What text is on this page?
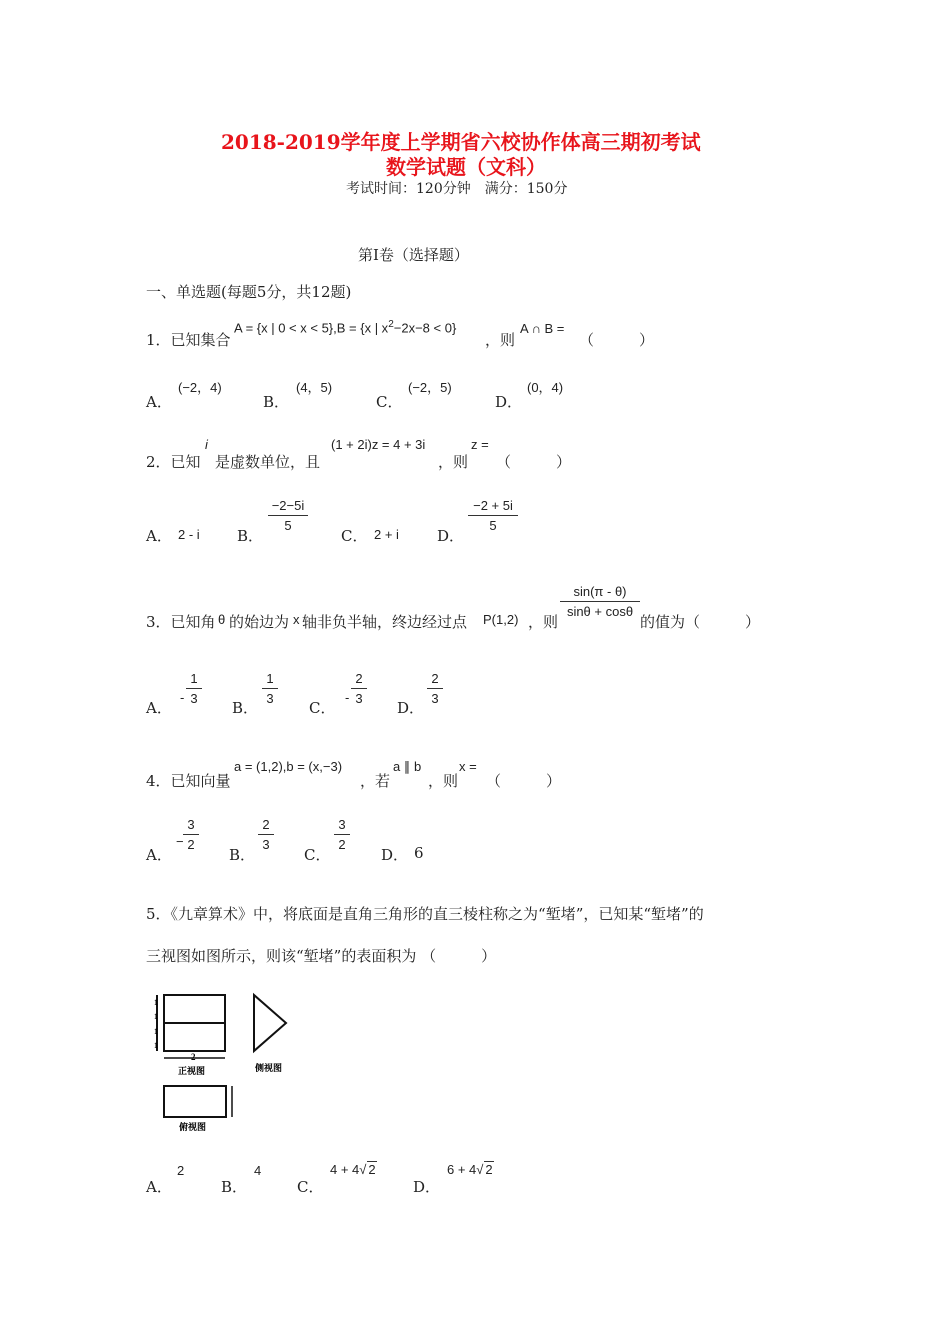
2018-2019学年度上学期省六校协作体高三期初考试
数学试题（文科）
考试时间：120分钟　满分：150分
第I卷（选择题）
一、单选题(每题5分，共12题)
1．已知集合
A = {x | 0 < x < 5},B = {x | $x^2-2x-8 < 0$}
，则
A ∩ B =
（　　　）
A．
(−2，4)
B．
(4，5)
C．
(−2，5)
D．
(0，4)
2．已知
i
是虚数单位，且
(1 + 2i)z = 4 + 3i
，则
z =
（　　　）
A． 2 - i B．
−2−5i
5
C． 2 + i	D．
−2 + 5i
5
3．已知角 θ 的始边为 x 轴非负半轴，终边经过点 P(1,2) ，则
sin(π - θ)
sinθ + cosθ
的值为（　　　）
A．
-
1
3
B．
1
3
C．
-
2
3
D．
2
3
4．已知向量
a = (1,2),b = (x,−3)
，若
a ∥ b
，则
x =
（　　　）
A．
−
3
2
B．
2
3
C．
3
2
D． 6
5．《九章算术》中，将底面是直角三角形的直三棱柱称之为“堑堵”，已知某“堑堵”的
三视图如图所示，则该“堑堵”的表面积为 （　　　）
1
1
1
1
2
正视图	侧视图
俯视图
A．
2
B．
4
C．
4 + 4√ 2
D．
6 + 4√ 2
